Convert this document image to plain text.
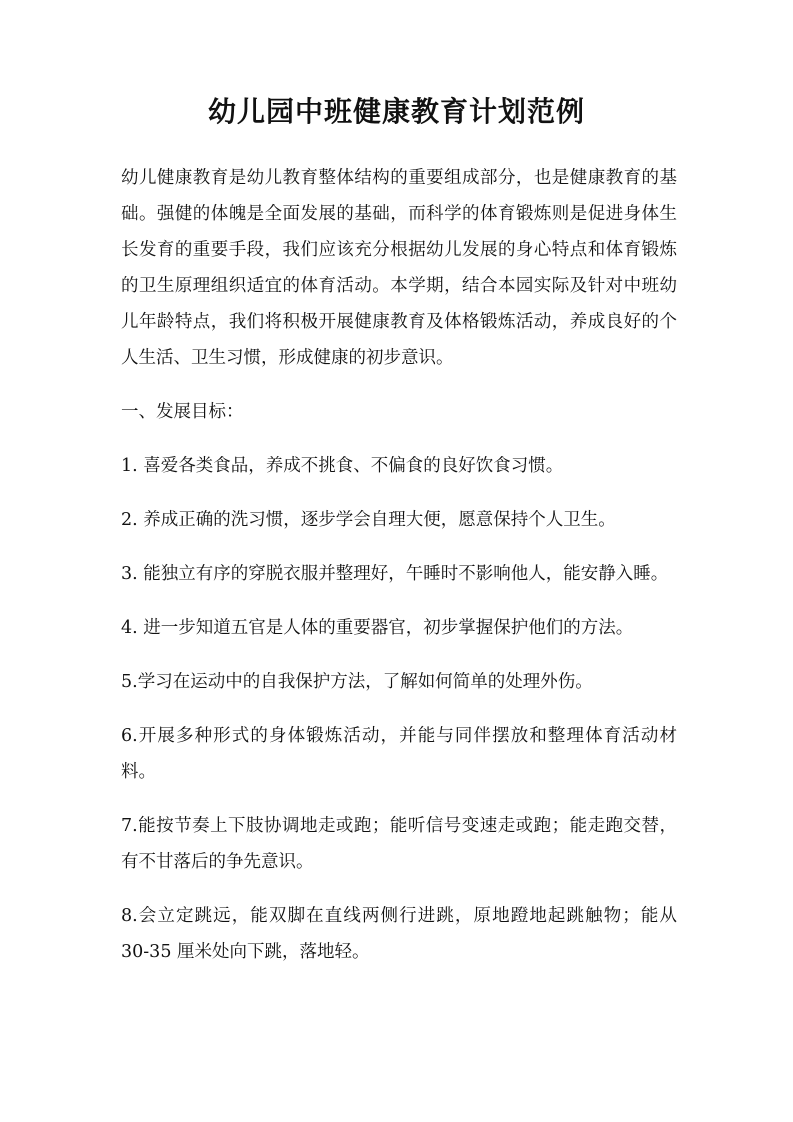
幼儿园中班健康教育计划范例

幼儿健康教育是幼儿教育整体结构的重要组成部分，也是健康教育的基础。强健的体魄是全面发展的基础，而科学的体育锻炼则是促进身体生长发育的重要手段，我们应该充分根据幼儿发展的身心特点和体育锻炼的卫生原理组织适宜的体育活动。本学期，结合本园实际及针对中班幼儿年龄特点，我们将积极开展健康教育及体格锻炼活动，养成良好的个人生活、卫生习惯，形成健康的初步意识。

一、发展目标：

1. 喜爱各类食品，养成不挑食、不偏食的良好饮食习惯。

2. 养成正确的洗习惯，逐步学会自理大便，愿意保持个人卫生。

3. 能独立有序的穿脱衣服并整理好，午睡时不影响他人，能安静入睡。

4. 进一步知道五官是人体的重要器官，初步掌握保护他们的方法。

5.学习在运动中的自我保护方法，了解如何简单的处理外伤。

6.开展多种形式的身体锻炼活动，并能与同伴摆放和整理体育活动材料。

7.能按节奏上下肢协调地走或跑；能听信号变速走或跑；能走跑交替，有不甘落后的争先意识。

8.会立定跳远，能双脚在直线两侧行进跳，原地蹬地起跳触物；能从 30-35 厘米处向下跳，落地轻。
